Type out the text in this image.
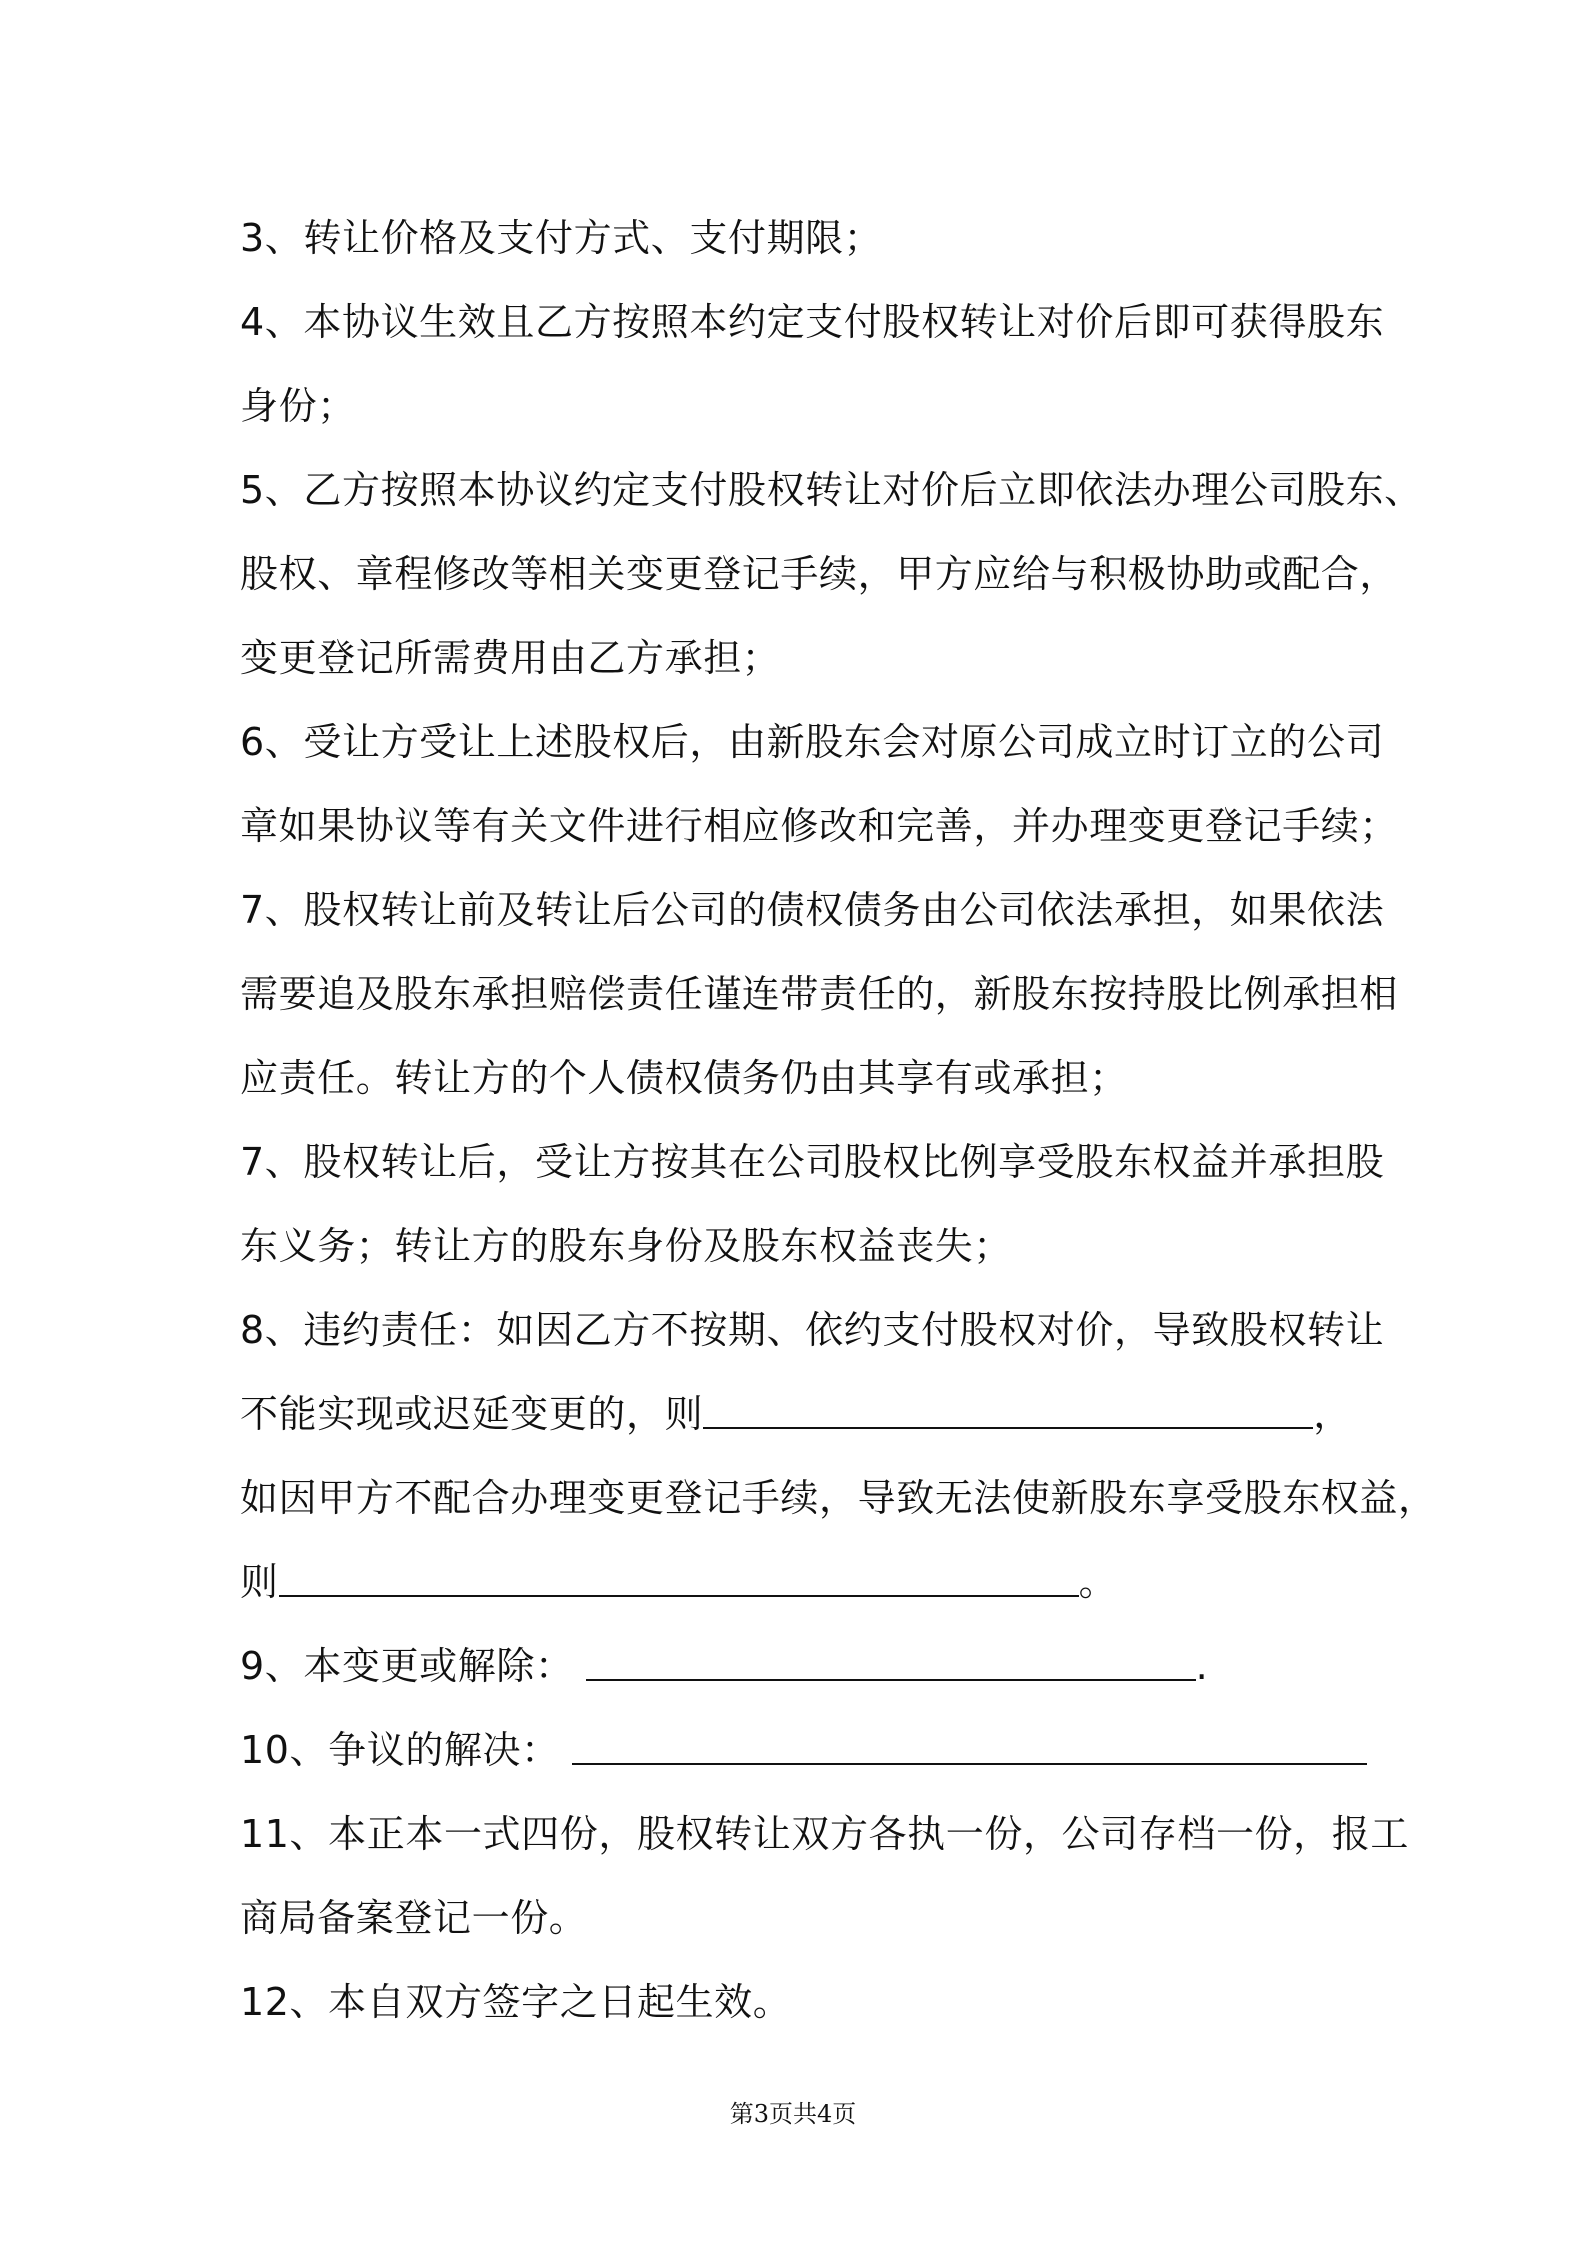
3、转让价格及支付方式、支付期限；
4、本协议生效且乙方按照本约定支付股权转让对价后即可获得股东
身份；
5、乙方按照本协议约定支付股权转让对价后立即依法办理公司股东、
股权、章程修改等相关变更登记手续，甲方应给与积极协助或配合，
变更登记所需费用由乙方承担；
6、受让方受让上述股权后，由新股东会对原公司成立时订立的公司
章如果协议等有关文件进行相应修改和完善，并办理变更登记手续；
7、股权转让前及转让后公司的债权债务由公司依法承担，如果依法
需要追及股东承担赔偿责任谨连带责任的，新股东按持股比例承担相
应责任。转让方的个人债权债务仍由其享有或承担；
7、股权转让后，受让方按其在公司股权比例享受股东权益并承担股
东义务；转让方的股东身份及股东权益丧失；
8、违约责任：如因乙方不按期、依约支付股权对价，导致股权转让
不能实现或迟延变更的，则	，
如因甲方不配合办理变更登记手续，导致无法使新股东享受股东权益，
则	。
9、本变更或解除：	.
10、争议的解决：
11、本正本一式四份，股权转让双方各执一份，公司存档一份，报工
商局备案登记一份。
12、本自双方签字之日起生效。
第3页共4页
